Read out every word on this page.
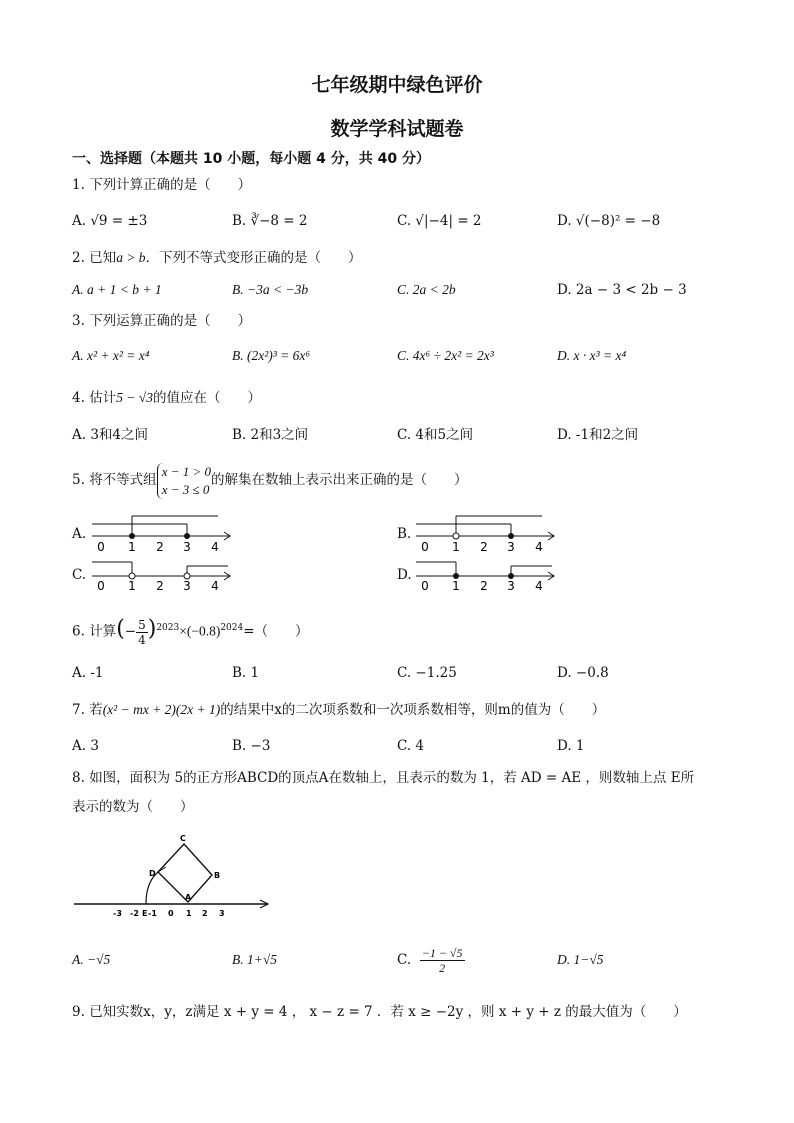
七年级期中绿色评价
数学学科试题卷
一、选择题（本题共 10 小题，每小题 4 分，共 40 分）
1. 下列计算正确的是（　　）
A. √9 = ±3	B. ∛−8 = 2	C. √|−4| = 2	D. √(−8)² = −8
2. 已知a > b．下列不等式变形正确的是（　　）
A. a + 1 < b + 1	B. −3a < −3b	C. 2a < 2b	D. 2a − 3 < 2b − 3
3. 下列运算正确的是（　　）
A. x² + x² = x⁴	B. (2x²)³ = 6x⁶	C. 4x⁶ ÷ 2x² = 2x³	D. x · x³ = x⁴
4. 估计5 − √3的值应在（　　）
A. 3和4之间	B. 2和3之间	C. 4和5之间	D. -1和2之间
5. 将不等式组
x − 1 > 0
x − 3 ≤ 0
的解集在数轴上表示出来正确的是（　　）
A.	B.
C.	D.
0 1 2 3 4	0 1 2 3 4
0 1 2 3 4	0 1 2 3 4
6. 计算(− $\frac{5}{4} )^{2023}\times(-0.8)^{2024}=$（　　）
A. -1	B. 1	C. −1.25	D. −0.8
7. 若(x² − mx + 2)(2x + 1)的结果中x的二次项系数和一次项系数相等，则m的值为（　　）
A. 3	B. −3	C. 4	D. 1
8. 如图，面积为 5的正方形ABCD的顶点A在数轴上，且表示的数为 1，若 AD = AE ，则数轴上点 E所
表示的数为（　　）
C
D	B
A
-3 -2 E -1 0 1 2 3
A. −√5	B. 1+√5	C. $\frac{-1 - √5}{2}$	D. 1−√5
9. 已知实数x，y，z满足 x + y = 4 ， x − z = 7 ．若 x ≥ −2y ，则 x + y + z 的最大值为（　　）
